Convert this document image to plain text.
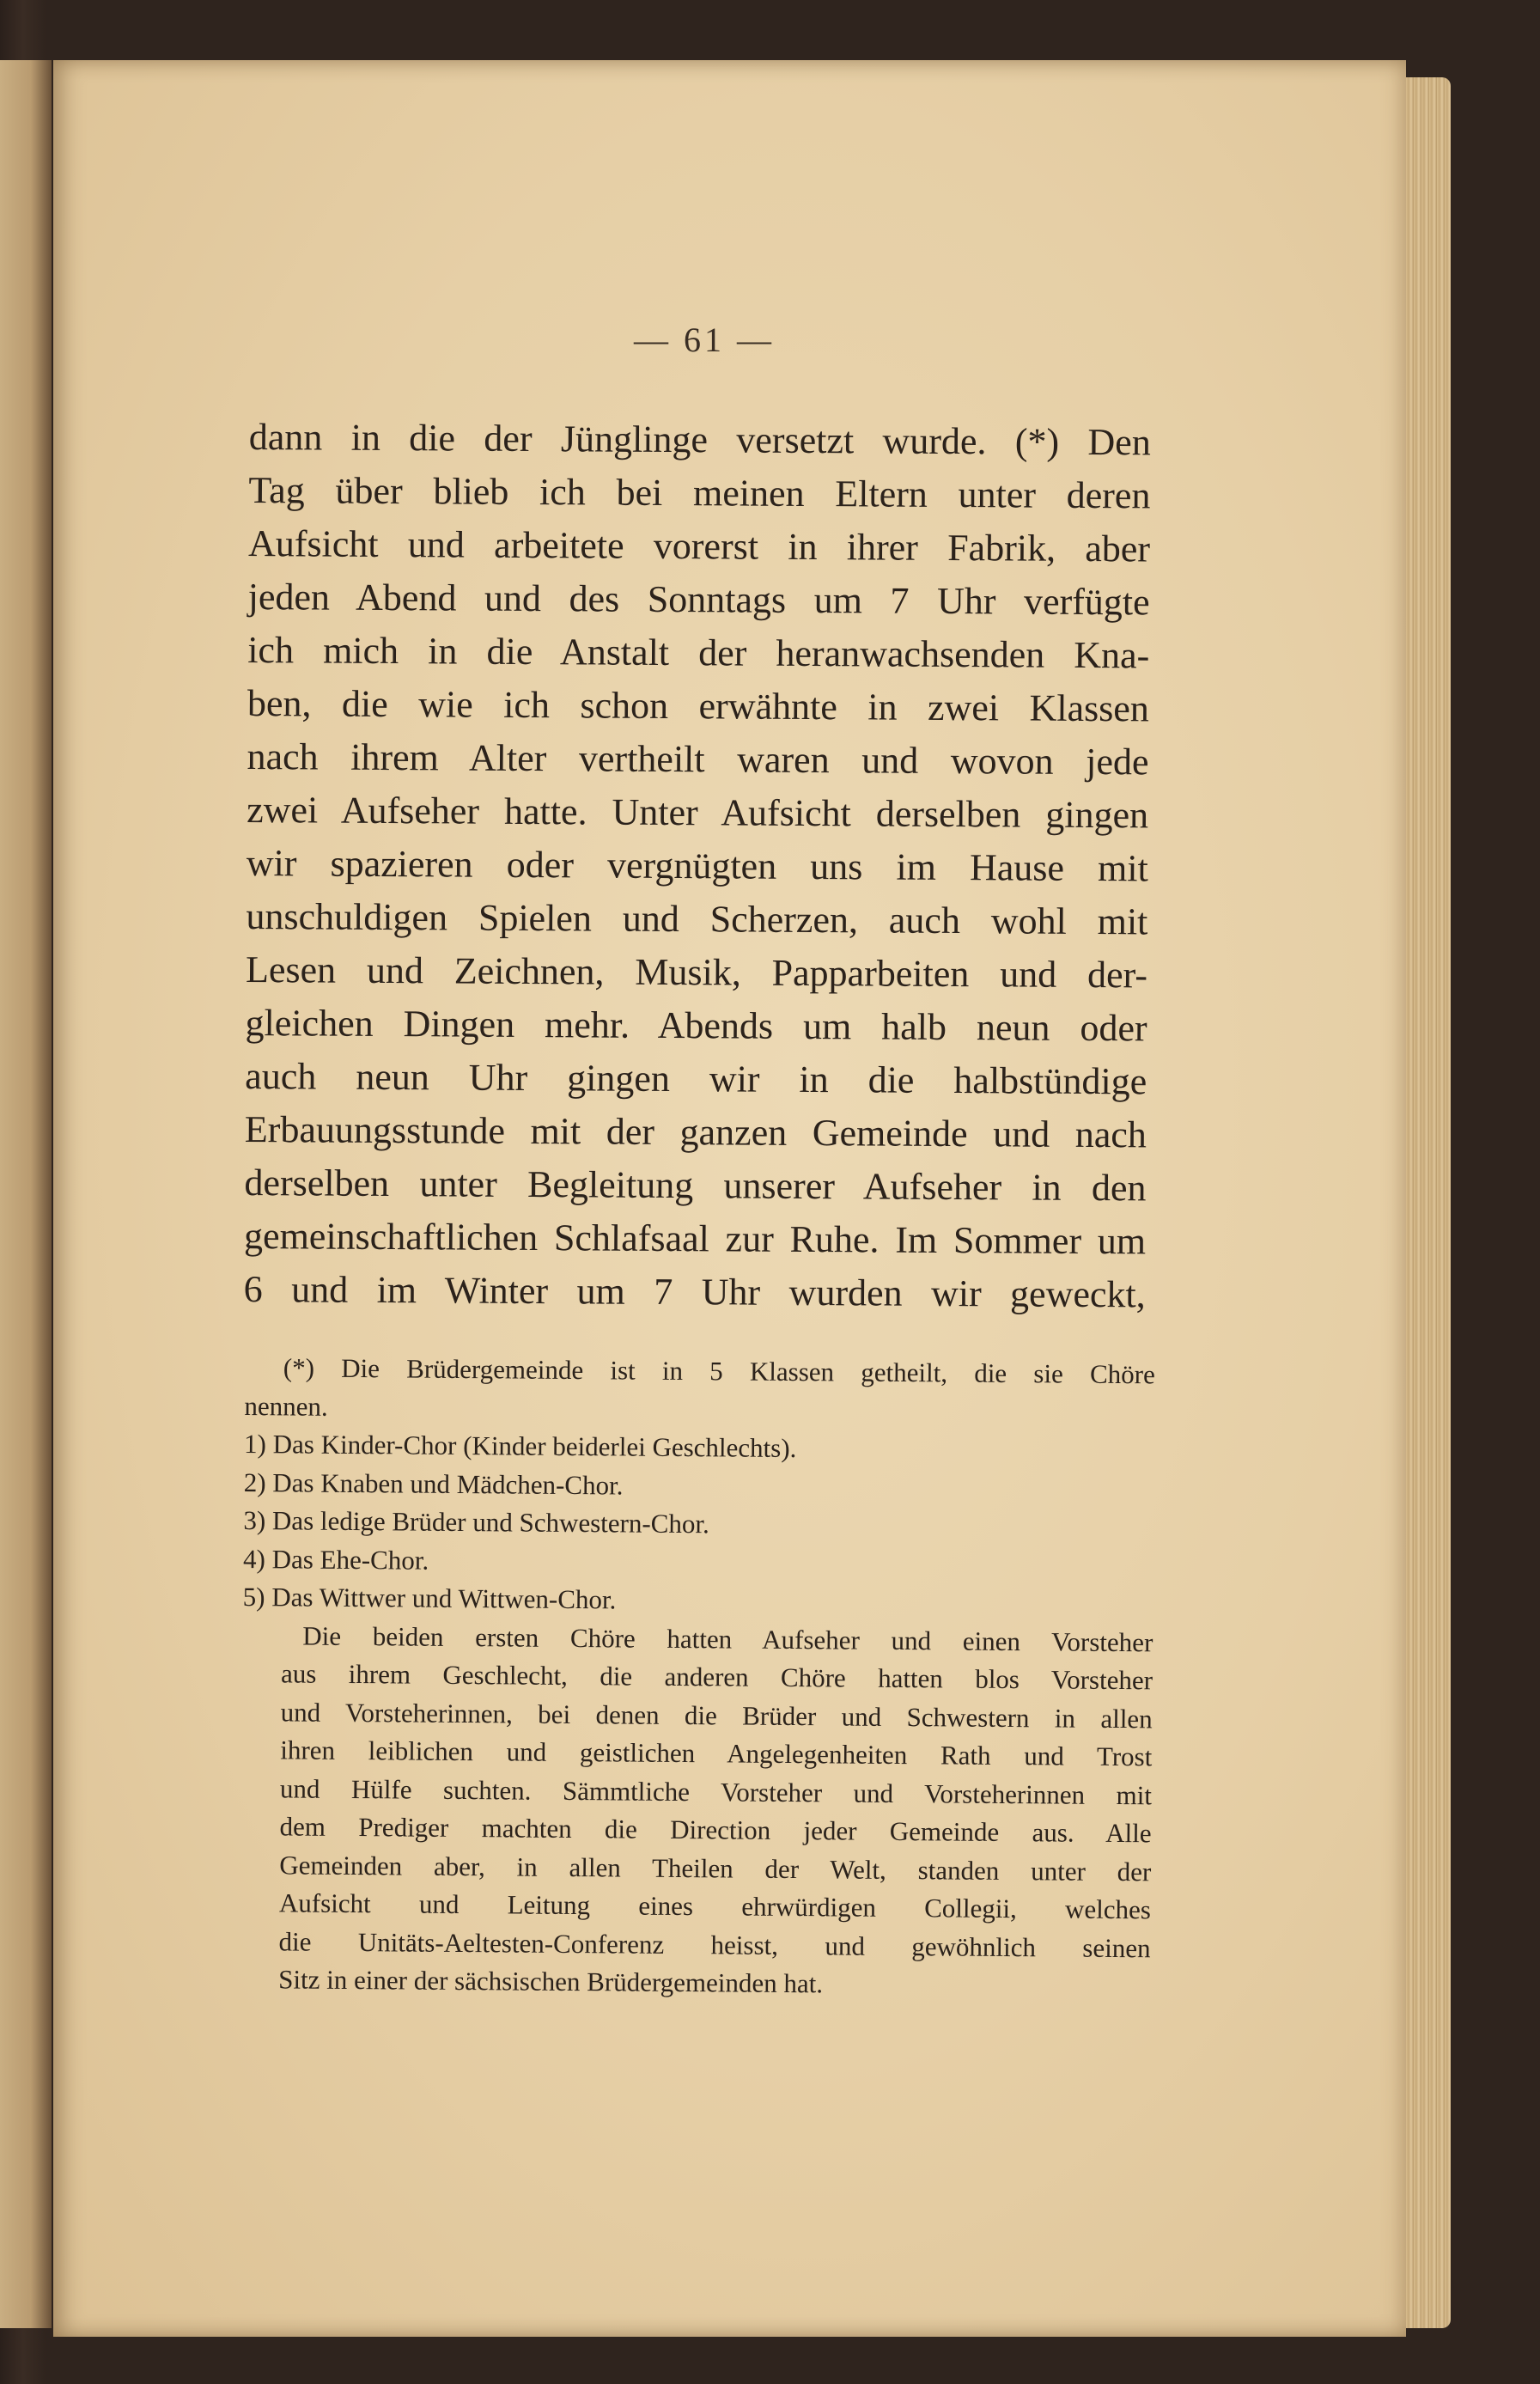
— 61 —
dann in die der Jünglinge versetzt wurde. (*) Den
Tag über blieb ich bei meinen Eltern unter deren
Aufsicht und arbeitete vorerst in ihrer Fabrik, aber
jeden Abend und des Sonntags um 7 Uhr verfügte
ich mich in die Anstalt der heranwachsenden Kna-
ben, die wie ich schon erwähnte in zwei Klassen
nach ihrem Alter vertheilt waren und wovon jede
zwei Aufseher hatte. Unter Aufsicht derselben gingen
wir spazieren oder vergnügten uns im Hause mit
unschuldigen Spielen und Scherzen, auch wohl mit
Lesen und Zeichnen, Musik, Papparbeiten und der-
gleichen Dingen mehr. Abends um halb neun oder
auch neun Uhr gingen wir in die halbstündige
Erbauungsstunde mit der ganzen Gemeinde und nach
derselben unter Begleitung unserer Aufseher in den
gemeinschaftlichen Schlafsaal zur Ruhe. Im Sommer um
6 und im Winter um 7 Uhr wurden wir geweckt,
(*) Die Brüdergemeinde ist in 5 Klassen getheilt, die sie Chöre
nennen.
1) Das Kinder-Chor (Kinder beiderlei Geschlechts).
2) Das Knaben und Mädchen-Chor.
3) Das ledige Brüder und Schwestern-Chor.
4) Das Ehe-Chor.
5) Das Wittwer und Wittwen-Chor.
Die beiden ersten Chöre hatten Aufseher und einen Vorsteher
aus ihrem Geschlecht, die anderen Chöre hatten blos Vorsteher
und Vorsteherinnen, bei denen die Brüder und Schwestern in allen
ihren leiblichen und geistlichen Angelegenheiten Rath und Trost
und Hülfe suchten. Sämmtliche Vorsteher und Vorsteherinnen mit
dem Prediger machten die Direction jeder Gemeinde aus. Alle
Gemeinden aber, in allen Theilen der Welt, standen unter der
Aufsicht und Leitung eines ehrwürdigen Collegii, welches
die Unitäts-Aeltesten-Conferenz heisst, und gewöhnlich seinen
Sitz in einer der sächsischen Brüdergemeinden hat.
